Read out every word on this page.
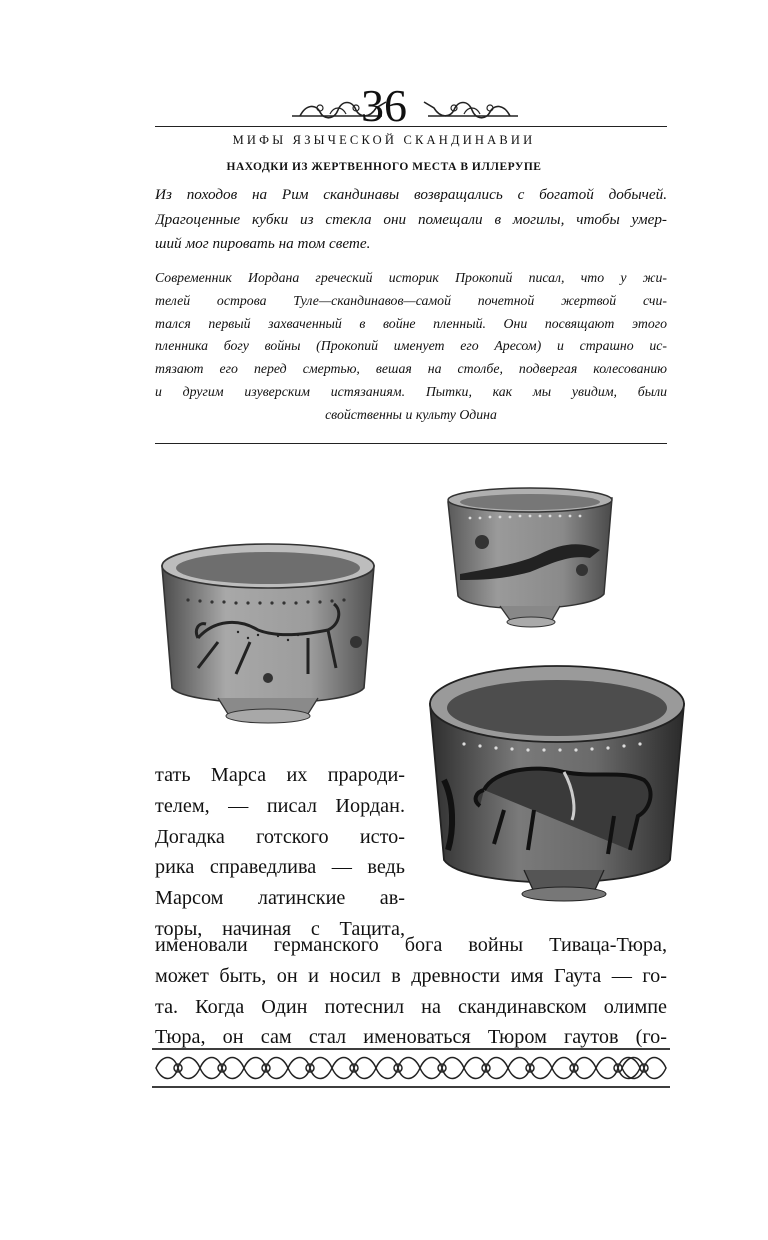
36
МИФЫ ЯЗЫЧЕСКОЙ СКАНДИНАВИИ
НАХОДКИ ИЗ ЖЕРТВЕННОГО МЕСТА В ИЛЛЕРУПЕ

Из походов на Рим скандинавы возвращались с богатой добычей.
Драгоценные кубки из стекла они помещали в могилы, чтобы умер-
ший мог пировать на том свете.

Современник Иордана греческий историк Прокопий писал, что у жи-
телей острова Туле—скандинавов—самой почетной жертвой счи-
тался первый захваченный в войне пленный. Они посвящают этого
пленника богу войны (Прокопий именует его Аресом) и страшно ис-
тязают его перед смертью, вешая на столбе, подвергая колесованию
и другим изуверским истязаниям. Пытки, как мы увидим, были
свойственны и культу Одина

тать Марса их прароди-
телем, — писал Иордан.
Догадка готского исто-
рика справедлива — ведь
Марсом латинские ав-
торы, начиная с Тацита,

именовали германского бога войны Тиваца-Тюра,
может быть, он и носил в древности имя Гаута — го-
та. Когда Один потеснил на скандинавском олимпе
Тюра, он сам стал именоваться Тюром гаутов (го-
